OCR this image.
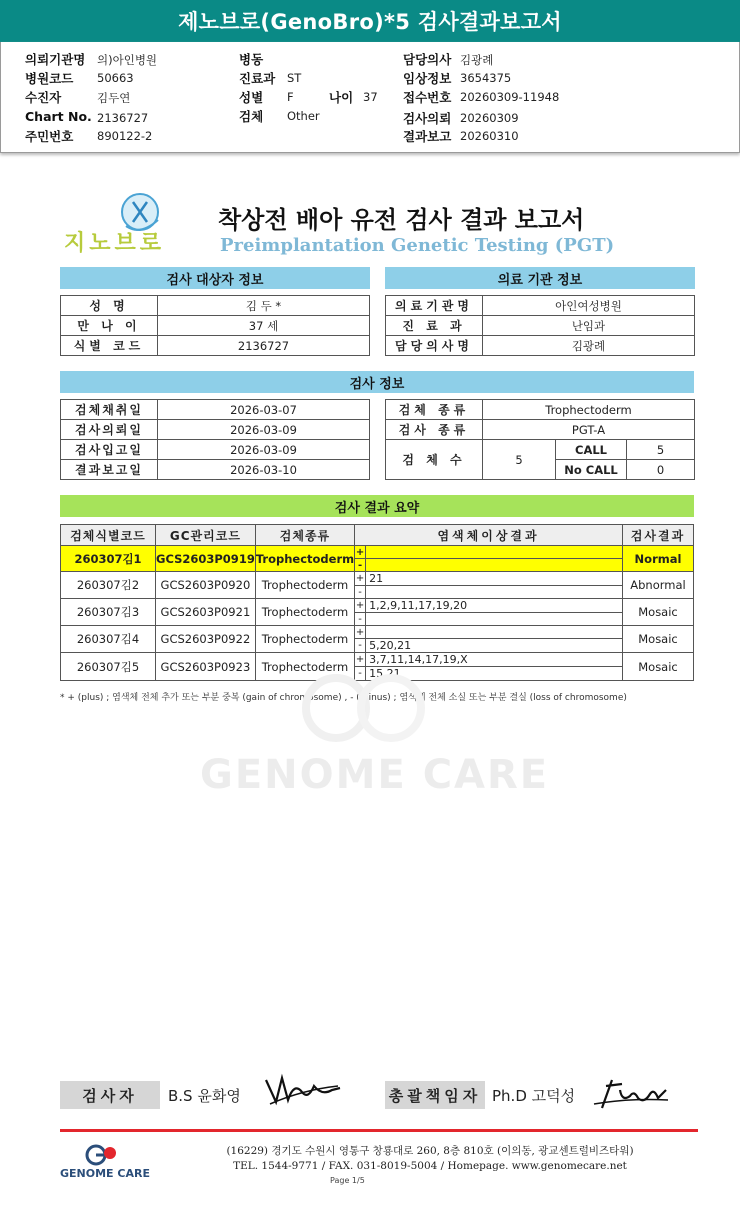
제노브로(GenoBro)*5 검사결과보고서
의뢰기관명 의)아인병원
병원코드 50663
수진자	김두연
Chart No. 2136727
주민번호 890122-2
병동
진료과 ST
성별 F	나이 37
검체 Other
담당의사 김광례
임상정보 3654375
접수번호 20260309-11948
검사의뢰 20260309
결과보고 20260310
지노브로
착상전 배아 유전 검사 결과 보고서
Preimplantation Genetic Testing (PGT)
검사 대상자 정보
성 명	김 두 *
만 나 이	37 세
식별 코드	2136727
의료 기관 정보
의료기관명	아인여성병원
진 료 과	난임과
담당의사명	김광례
검사 정보
검체채취일	2026-03-07
검사의뢰일	2026-03-09
검사입고일	2026-03-09
결과보고일	2026-03-10
검체 종류	Trophectoderm		
검사 종류	PGT-A		
검 체 수	5	CALL	5
		No CALL	0
검사 결과 요약
검체식별코드	GC관리코드	검체종류	염색체이상결과		검사결과
260307김1	GCS2603P0919	Trophectoderm	+		Normal
			-		
260307김2	GCS2603P0920	Trophectoderm	+	21	Abnormal
			-		
260307김3	GCS2603P0921	Trophectoderm	+	1,2,9,11,17,19,20	Mosaic
			-		
260307김4	GCS2603P0922	Trophectoderm	+		Mosaic
			-	5,20,21	
260307김5	GCS2603P0923	Trophectoderm	+	3,7,11,14,17,19,X	Mosaic
			-	15,21	
* + (plus) ; 염색체 전체 추가 또는 부분 중복 (gain of chromosome) , - (minus) ; 염색체 전체 소실 또는 부분 결실 (loss of chromosome)
GENOME CARE
검사자 B.S 윤화영	총괄책임자 Ph.D 고덕성
GENOME CARE
(16229) 경기도 수원시 영통구 창룡대로 260, 8층 810호 (이의동, 광교센트럴비즈타워)
TEL. 1544-9771 / FAX. 031-8019-5004 / Homepage. www.genomecare.net
Page 1/5
